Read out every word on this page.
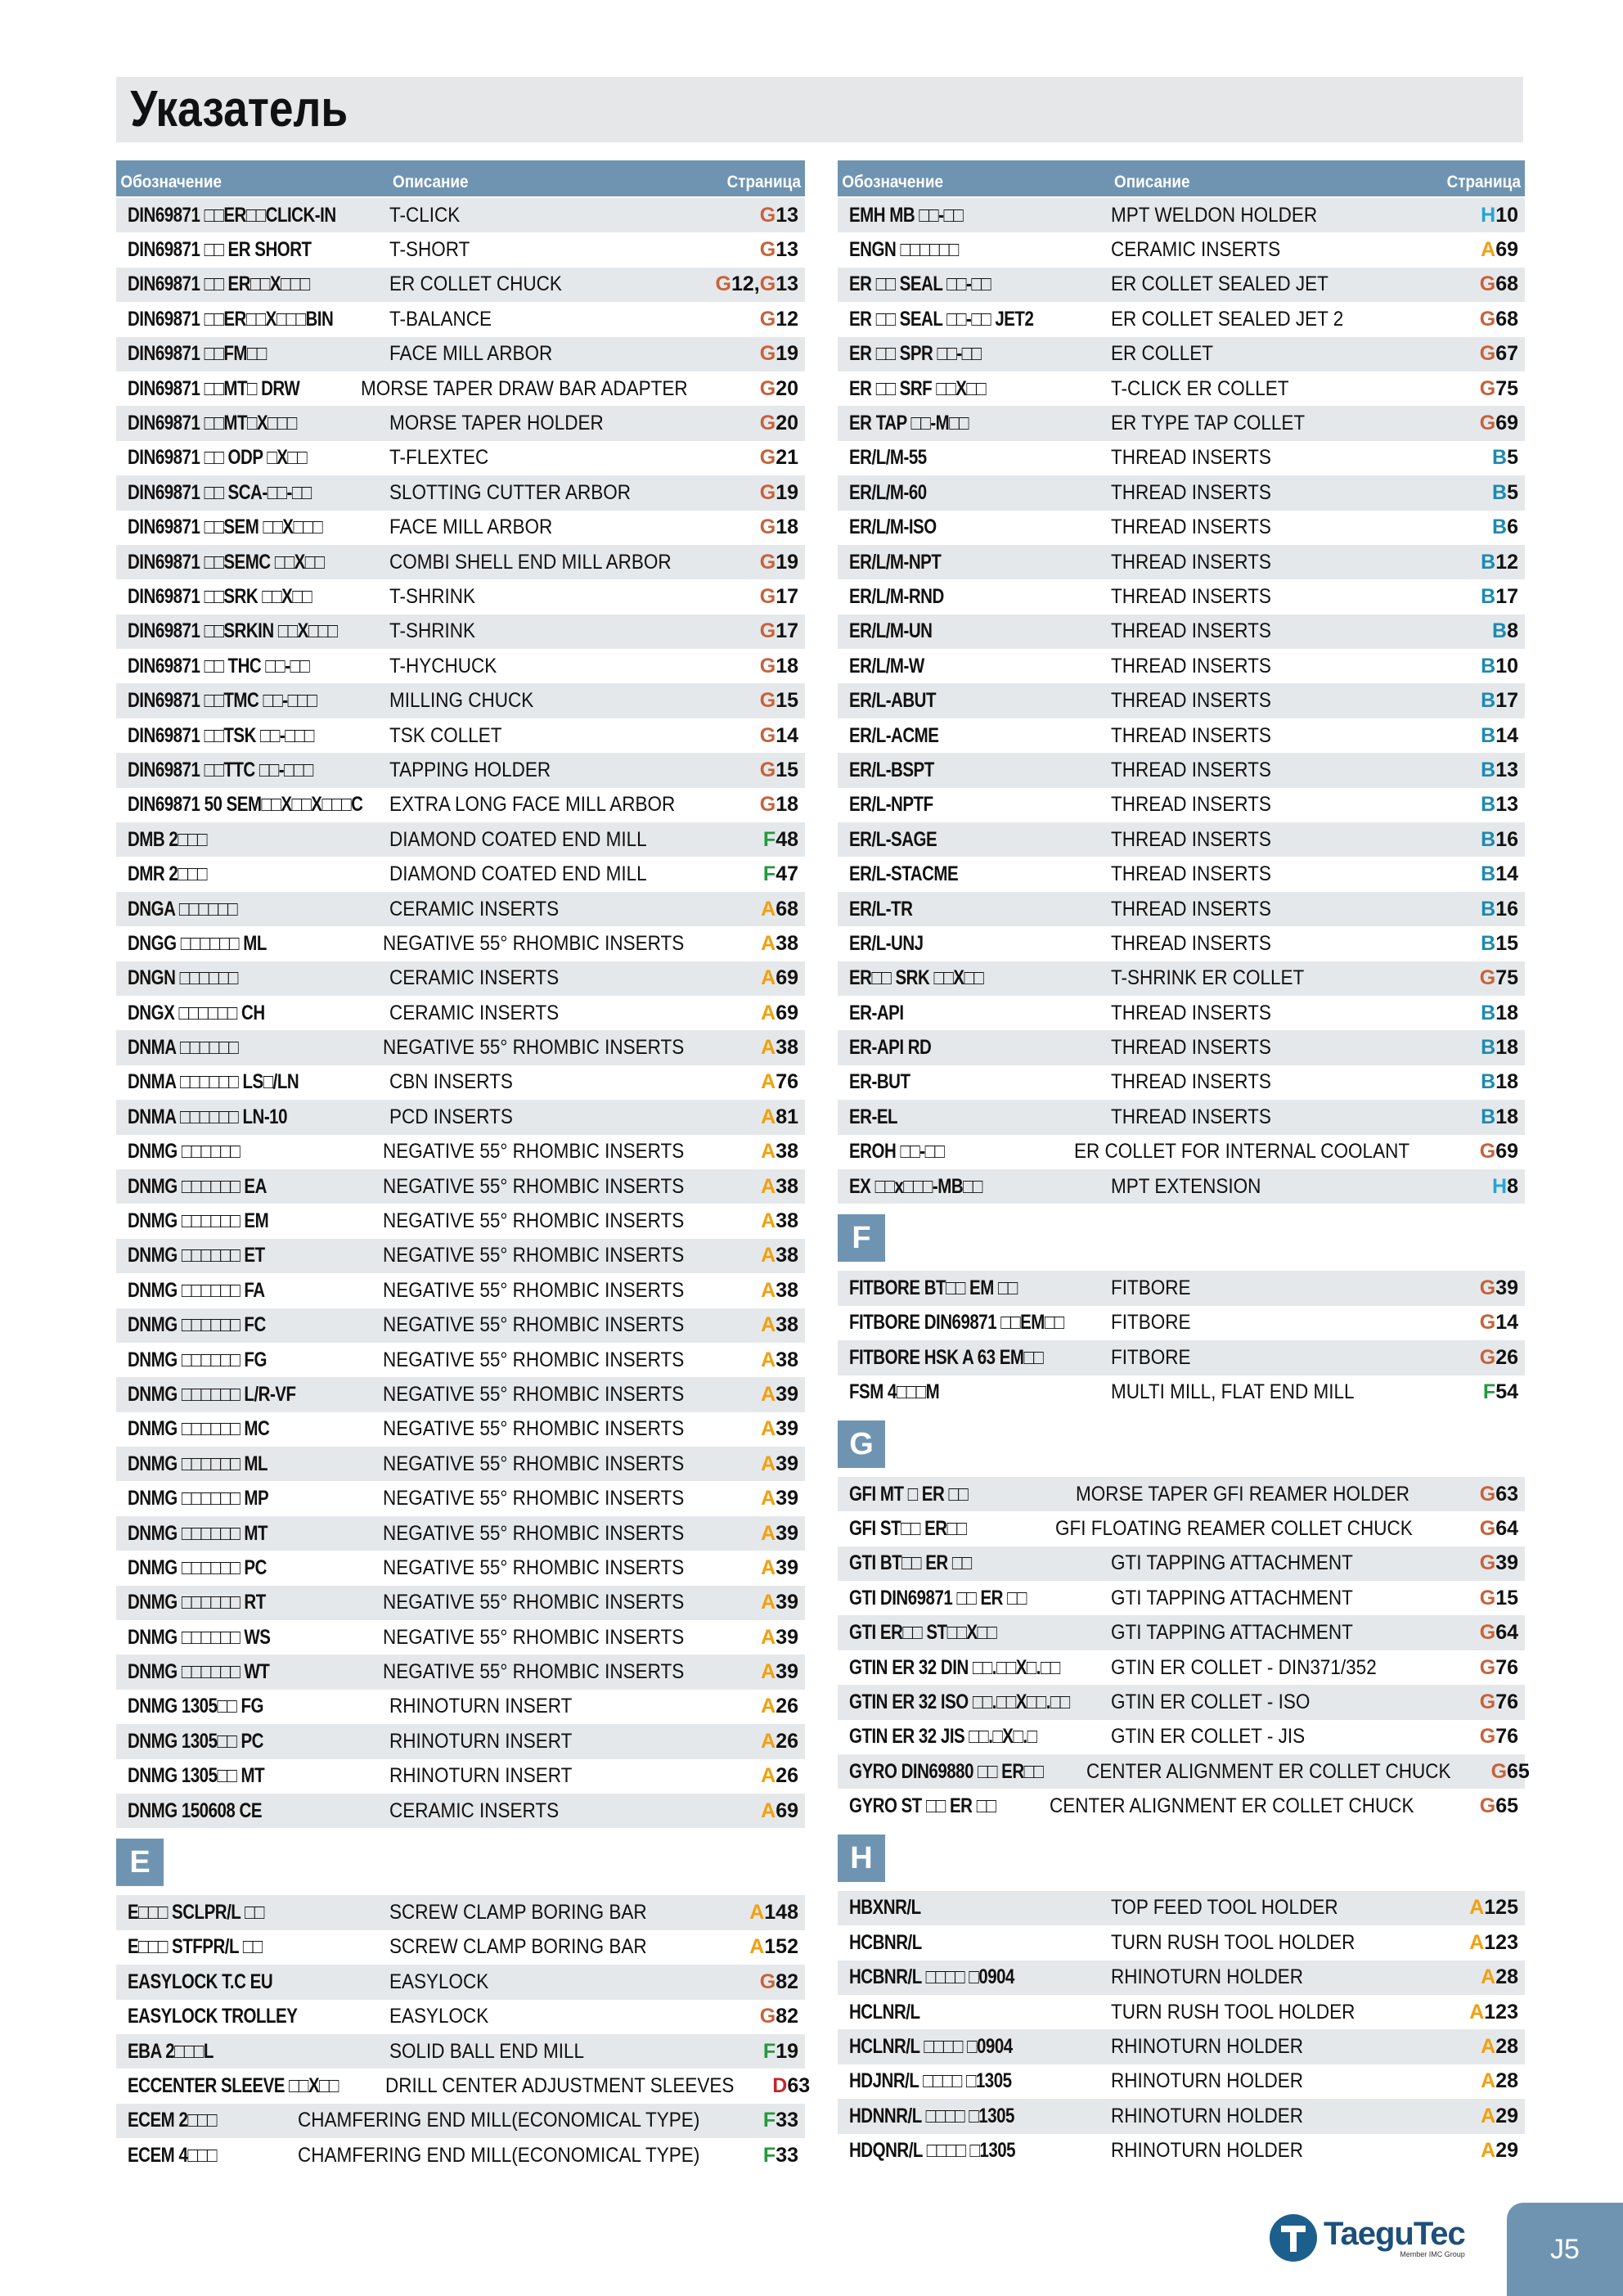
Указатель
Обозначение	Описание	Страница
DIN69871 □□ER□□CLICK-IN	T-CLICK	G13
DIN69871 □□ ER SHORT	T-SHORT	G13
DIN69871 □□ ER□□X□□□	ER COLLET CHUCK	G12,G13
DIN69871 □□ER□□X□□□BIN	T-BALANCE	G12
DIN69871 □□FM□□	FACE MILL ARBOR	G19
DIN69871 □□MT□ DRW	MORSE TAPER DRAW BAR ADAPTER	G20
DIN69871 □□MT□X□□□	MORSE TAPER HOLDER	G20
DIN69871 □□ ODP □X□□	T-FLEXTEC	G21
DIN69871 □□ SCA-□□-□□	SLOTTING CUTTER ARBOR	G19
DIN69871 □□SEM □□X□□□	FACE MILL ARBOR	G18
DIN69871 □□SEMC □□X□□	COMBI SHELL END MILL ARBOR	G19
DIN69871 □□SRK □□X□□	T-SHRINK	G17
DIN69871 □□SRKIN □□X□□□	T-SHRINK	G17
DIN69871 □□ THC □□-□□	T-HYCHUCK	G18
DIN69871 □□TMC □□-□□□	MILLING CHUCK	G15
DIN69871 □□TSK □□-□□□	TSK COLLET	G14
DIN69871 □□TTC □□-□□□	TAPPING HOLDER	G15
DIN69871 50 SEM□□X□□X□□□C	EXTRA LONG FACE MILL ARBOR	G18
DMB 2□□□	DIAMOND COATED END MILL	F48
DMR 2□□□	DIAMOND COATED END MILL	F47
DNGA □□□□□□	CERAMIC INSERTS	A68
DNGG □□□□□□ ML	NEGATIVE 55° RHOMBIC INSERTS	A38
DNGN □□□□□□	CERAMIC INSERTS	A69
DNGX □□□□□□ CH	CERAMIC INSERTS	A69
DNMA □□□□□□	NEGATIVE 55° RHOMBIC INSERTS	A38
DNMA □□□□□□ LS□/LN	CBN INSERTS	A76
DNMA □□□□□□ LN-10	PCD INSERTS	A81
DNMG □□□□□□	NEGATIVE 55° RHOMBIC INSERTS	A38
DNMG □□□□□□ EA	NEGATIVE 55° RHOMBIC INSERTS	A38
DNMG □□□□□□ EM	NEGATIVE 55° RHOMBIC INSERTS	A38
DNMG □□□□□□ ET	NEGATIVE 55° RHOMBIC INSERTS	A38
DNMG □□□□□□ FA	NEGATIVE 55° RHOMBIC INSERTS	A38
DNMG □□□□□□ FC	NEGATIVE 55° RHOMBIC INSERTS	A38
DNMG □□□□□□ FG	NEGATIVE 55° RHOMBIC INSERTS	A38
DNMG □□□□□□ L/R-VF	NEGATIVE 55° RHOMBIC INSERTS	A39
DNMG □□□□□□ MC	NEGATIVE 55° RHOMBIC INSERTS	A39
DNMG □□□□□□ ML	NEGATIVE 55° RHOMBIC INSERTS	A39
DNMG □□□□□□ MP	NEGATIVE 55° RHOMBIC INSERTS	A39
DNMG □□□□□□ MT	NEGATIVE 55° RHOMBIC INSERTS	A39
DNMG □□□□□□ PC	NEGATIVE 55° RHOMBIC INSERTS	A39
DNMG □□□□□□ RT	NEGATIVE 55° RHOMBIC INSERTS	A39
DNMG □□□□□□ WS	NEGATIVE 55° RHOMBIC INSERTS	A39
DNMG □□□□□□ WT	NEGATIVE 55° RHOMBIC INSERTS	A39
DNMG 1305□□ FG	RHINOTURN INSERT	A26
DNMG 1305□□ PC	RHINOTURN INSERT	A26
DNMG 1305□□ MT	RHINOTURN INSERT	A26
DNMG 150608 CE	CERAMIC INSERTS	A69
E
E□□□ SCLPR/L □□	SCREW CLAMP BORING BAR	A148
E□□□ STFPR/L □□	SCREW CLAMP BORING BAR	A152
EASYLOCK T.C EU	EASYLOCK	G82
EASYLOCK TROLLEY	EASYLOCK	G82
EBA 2□□□L	SOLID BALL END MILL	F19
ECCENTER SLEEVE □□X□□	DRILL CENTER ADJUSTMENT SLEEVES	D63
ECEM 2□□□	CHAMFERING END MILL(ECONOMICAL TYPE)	F33
ECEM 4□□□	CHAMFERING END MILL(ECONOMICAL TYPE)	F33
Обозначение	Описание	Страница
EMH MB □□-□□	MPT WELDON HOLDER	H10
ENGN □□□□□□	CERAMIC INSERTS	A69
ER □□ SEAL □□-□□	ER COLLET SEALED JET	G68
ER □□ SEAL □□-□□ JET2	ER COLLET SEALED JET 2	G68
ER □□ SPR □□-□□	ER COLLET	G67
ER □□ SRF □□X□□	T-CLICK ER COLLET	G75
ER TAP □□-M□□	ER TYPE TAP COLLET	G69
ER/L/M-55	THREAD INSERTS	B5
ER/L/M-60	THREAD INSERTS	B5
ER/L/M-ISO	THREAD INSERTS	B6
ER/L/M-NPT	THREAD INSERTS	B12
ER/L/M-RND	THREAD INSERTS	B17
ER/L/M-UN	THREAD INSERTS	B8
ER/L/M-W	THREAD INSERTS	B10
ER/L-ABUT	THREAD INSERTS	B17
ER/L-ACME	THREAD INSERTS	B14
ER/L-BSPT	THREAD INSERTS	B13
ER/L-NPTF	THREAD INSERTS	B13
ER/L-SAGE	THREAD INSERTS	B16
ER/L-STACME	THREAD INSERTS	B14
ER/L-TR	THREAD INSERTS	B16
ER/L-UNJ	THREAD INSERTS	B15
ER□□ SRK □□X□□	T-SHRINK ER COLLET	G75
ER-API	THREAD INSERTS	B18
ER-API RD	THREAD INSERTS	B18
ER-BUT	THREAD INSERTS	B18
ER-EL	THREAD INSERTS	B18
EROH □□-□□	ER COLLET FOR INTERNAL COOLANT	G69
EX □□x□□□-MB□□	MPT EXTENSION	H8
F
FITBORE BT□□ EM □□	FITBORE	G39
FITBORE DIN69871 □□EM□□	FITBORE	G14
FITBORE HSK A 63 EM□□	FITBORE	G26
FSM 4□□□M	MULTI MILL, FLAT END MILL	F54
G
GFI MT □ ER □□	MORSE TAPER GFI REAMER HOLDER	G63
GFI ST□□ ER□□	GFI FLOATING REAMER COLLET CHUCK	G64
GTI BT□□ ER □□	GTI TAPPING ATTACHMENT	G39
GTI DIN69871 □□ ER □□	GTI TAPPING ATTACHMENT	G15
GTI ER□□ ST□□X□□	GTI TAPPING ATTACHMENT	G64
GTIN ER 32 DIN □□.□□X□.□□	GTIN ER COLLET - DIN371/352	G76
GTIN ER 32 ISO □□.□□X□□.□□	GTIN ER COLLET - ISO	G76
GTIN ER 32 JIS □□.□X□.□	GTIN ER COLLET - JIS	G76
GYRO DIN69880 □□ ER□□	CENTER ALIGNMENT ER COLLET CHUCK	G65
GYRO ST □□ ER □□	CENTER ALIGNMENT ER COLLET CHUCK	G65
H
HBXNR/L	TOP FEED TOOL HOLDER	A125
HCBNR/L	TURN RUSH TOOL HOLDER	A123
HCBNR/L □□□□ □0904	RHINOTURN HOLDER	A28
HCLNR/L	TURN RUSH TOOL HOLDER	A123
HCLNR/L □□□□ □0904	RHINOTURN HOLDER	A28
HDJNR/L □□□□ □1305	RHINOTURN HOLDER	A28
HDNNR/L □□□□ □1305	RHINOTURN HOLDER	A29
HDQNR/L □□□□ □1305	RHINOTURN HOLDER	A29
TaeguTec
Member IMC Group	J5
